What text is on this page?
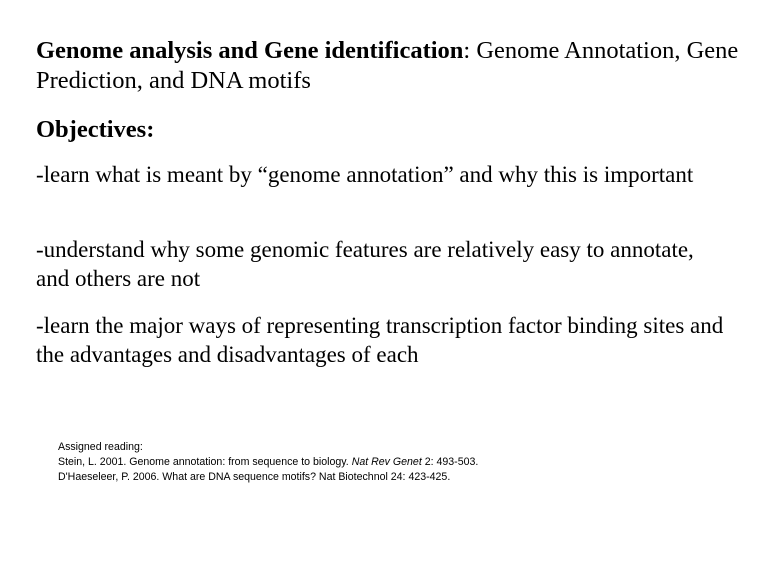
Genome analysis and Gene identification: Genome Annotation, Gene Prediction, and DNA motifs
Objectives:
-learn what is meant by “genome annotation” and why this is important
-understand why some genomic features are relatively easy to annotate, and others are not
-learn the major ways of representing transcription factor binding sites and the advantages and disadvantages of each
Assigned reading:
Stein, L. 2001. Genome annotation: from sequence to biology. Nat Rev Genet 2: 493-503.
D'Haeseleer, P. 2006. What are DNA sequence motifs? Nat Biotechnol 24: 423-425.
